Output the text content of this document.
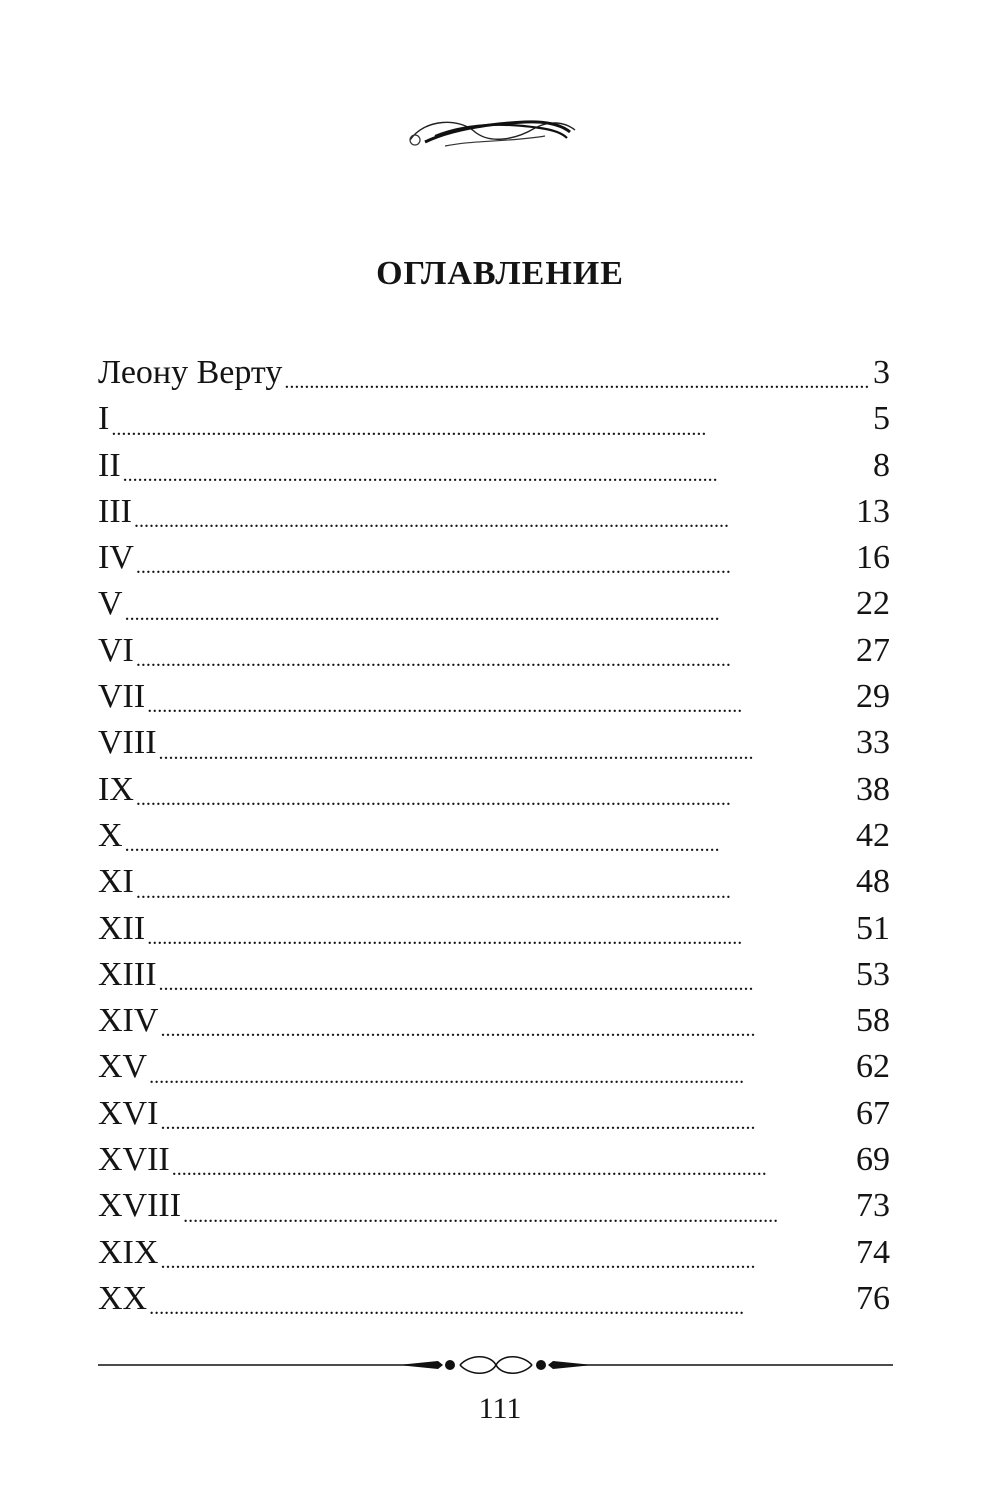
ОГЛАВЛЕНИЕ
Леону Верту . . .	3
I . . .	5
II . . .	8
III . . .	13
IV . . .	16
V . . .	22
VI . . .	27
VII . . .	29
VIII . . .	33
IX . . .	38
X . . .	42
XI . . .	48
XII . . .	51
XIII . . .	53
XIV . . .	58
XV . . .	62
XVI . . .	67
XVII . . .	69
XVIII . . .	73
XIX . . .	74
XX . . .	76
111
